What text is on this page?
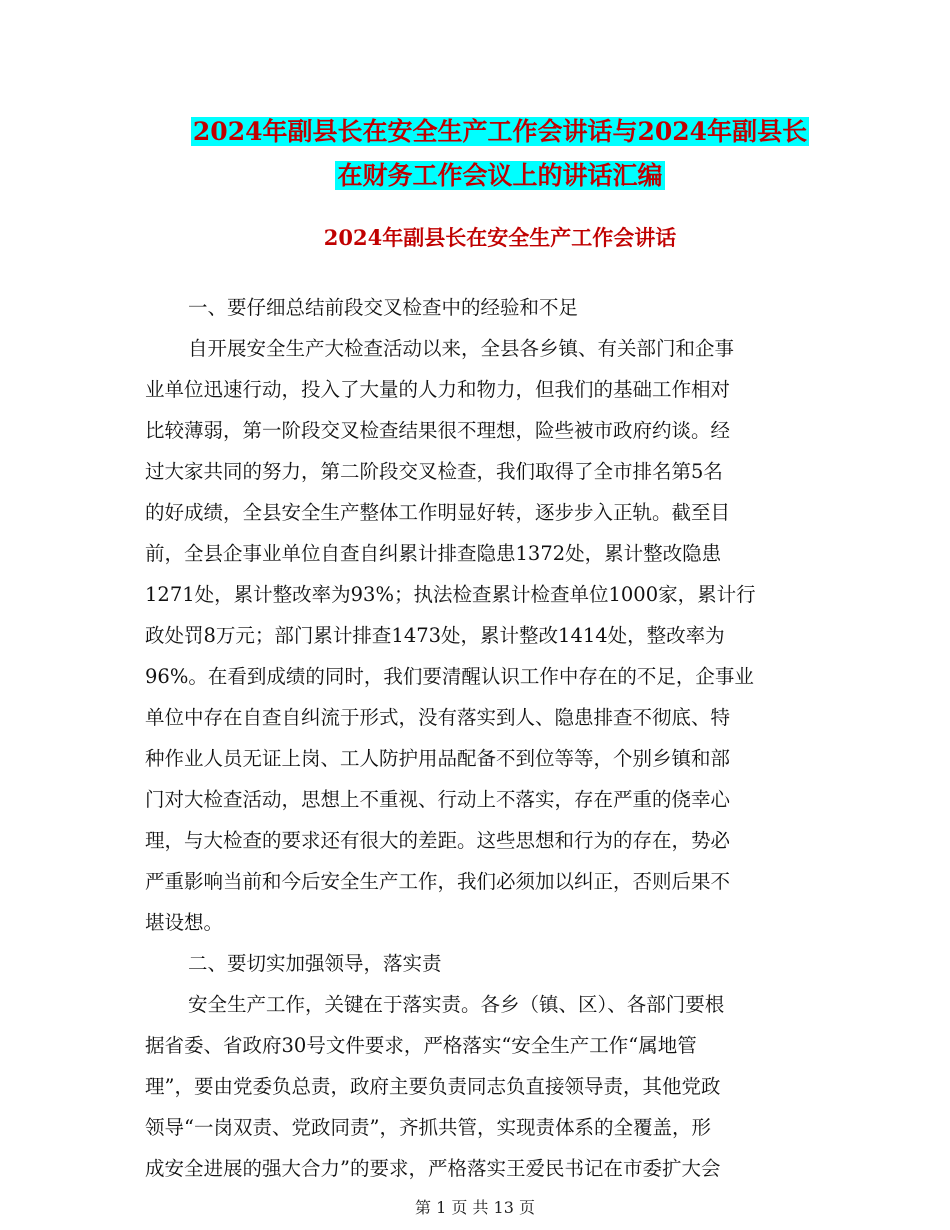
2024年副县长在安全生产工作会讲话与2024年副县长
在财务工作会议上的讲话汇编
2024年副县长在安全生产工作会讲话
一、要仔细总结前段交叉检查中的经验和不足
自开展安全生产大检查活动以来，全县各乡镇、有关部门和企事
业单位迅速行动，投入了大量的人力和物力，但我们的基础工作相对
比较薄弱，第一阶段交叉检查结果很不理想，险些被市政府约谈。经
过大家共同的努力，第二阶段交叉检查，我们取得了全市排名第5名
的好成绩，全县安全生产整体工作明显好转，逐步步入正轨。截至目
前，全县企事业单位自查自纠累计排查隐患1372处，累计整改隐患
1271处，累计整改率为93%；执法检查累计检查单位1000家，累计行
政处罚8万元；部门累计排查1473处，累计整改1414处，整改率为
96%。在看到成绩的同时，我们要清醒认识工作中存在的不足，企事业
单位中存在自查自纠流于形式，没有落实到人、隐患排查不彻底、特
种作业人员无证上岗、工人防护用品配备不到位等等，个别乡镇和部
门对大检查活动，思想上不重视、行动上不落实，存在严重的侥幸心
理，与大检查的要求还有很大的差距。这些思想和行为的存在，势必
严重影响当前和今后安全生产工作，我们必须加以纠正，否则后果不
堪设想。
二、要切实加强领导，落实责
安全生产工作，关键在于落实责。各乡（镇、区）、各部门要根
据省委、省政府30号文件要求，严格落实“安全生产工作“属地管
理”，要由党委负总责，政府主要负责同志负直接领导责，其他党政
领导“一岗双责、党政同责”，齐抓共管，实现责体系的全覆盖，形
成安全进展的强大合力”的要求，严格落实王爱民书记在市委扩大会
第 1 页 共 13 页
